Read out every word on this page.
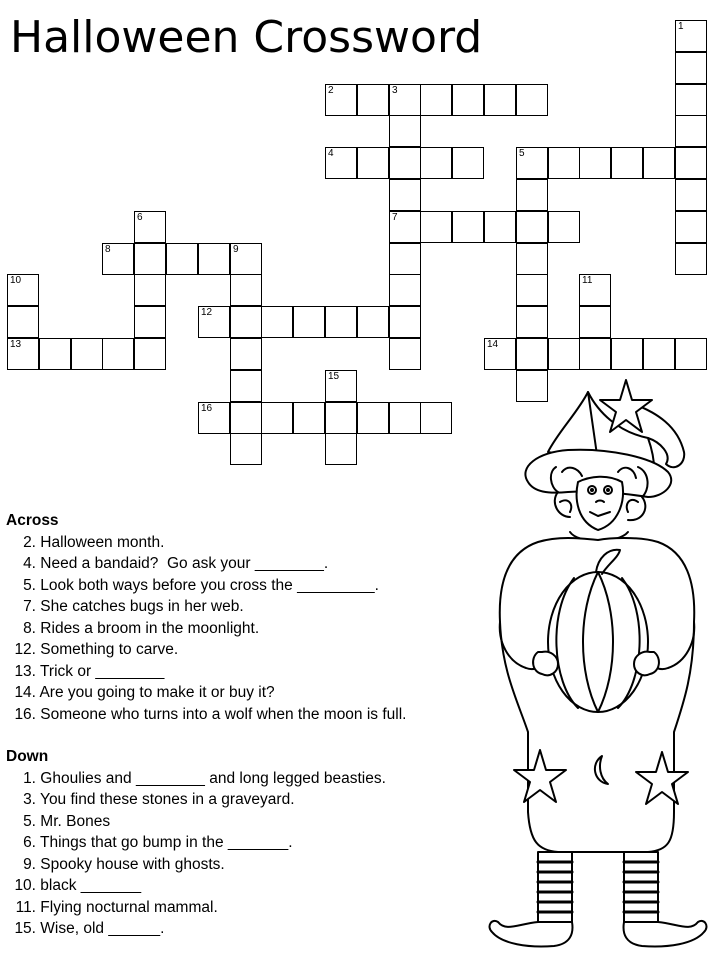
Halloween Crossword	1
2	3
4	5
6	7
8	9
10	11
12
13	14
15
16
Across
2. Halloween month.
4. Need a bandaid?  Go ask your ________.
5. Look both ways before you cross the _________.
7. She catches bugs in her web.
8. Rides a broom in the moonlight.
12. Something to carve.
13. Trick or ________
14. Are you going to make it or buy it?
16. Someone who turns into a wolf when the moon is full.
Down
1. Ghoulies and ________ and long legged beasties.
3. You find these stones in a graveyard.
5. Mr. Bones
6. Things that go bump in the _______.
9. Spooky house with ghosts.
10. black _______
11. Flying nocturnal mammal.
15. Wise, old ______.
